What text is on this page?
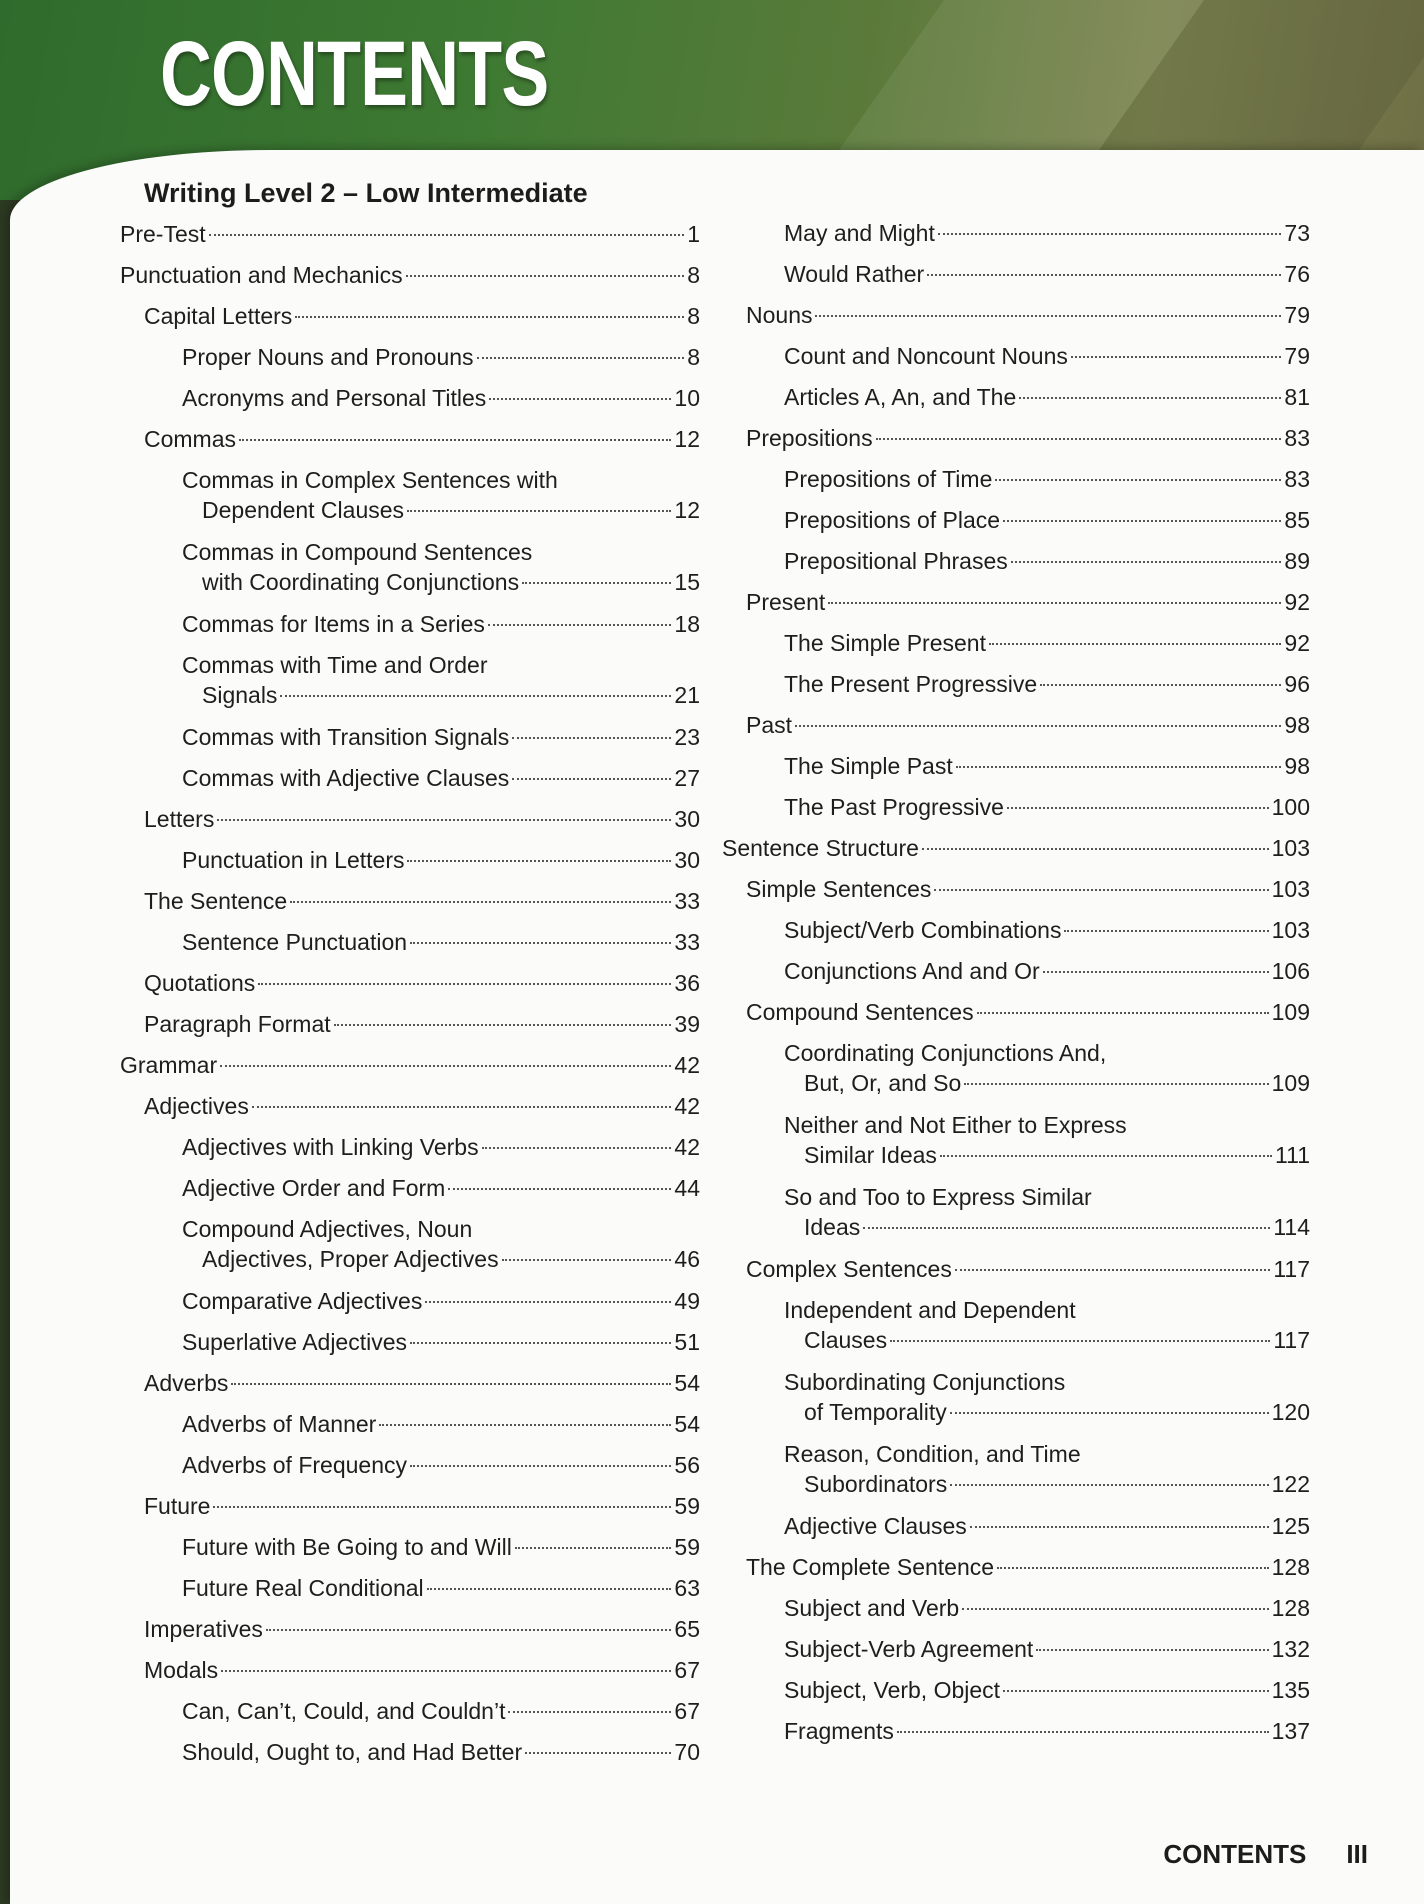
CONTENTS
Writing Level 2 – Low Intermediate
Pre-Test	1
Punctuation and Mechanics	8
Capital Letters	8
Proper Nouns and Pronouns	8
Acronyms and Personal Titles	10
Commas	12
Commas in Complex Sentences with
Dependent Clauses	12
Commas in Compound Sentences
with Coordinating Conjunctions	15
Commas for Items in a Series	18
Commas with Time and Order
Signals	21
Commas with Transition Signals	23
Commas with Adjective Clauses	27
Letters	30
Punctuation in Letters	30
The Sentence	33
Sentence Punctuation	33
Quotations	36
Paragraph Format	39
Grammar	42
Adjectives	42
Adjectives with Linking Verbs	42
Adjective Order and Form	44
Compound Adjectives, Noun
Adjectives, Proper Adjectives	46
Comparative Adjectives	49
Superlative Adjectives	51
Adverbs	54
Adverbs of Manner	54
Adverbs of Frequency	56
Future	59
Future with Be Going to and Will	59
Future Real Conditional	63
Imperatives	65
Modals	67
Can, Can’t, Could, and Couldn’t	67
Should, Ought to, and Had Better	70
May and Might	73
Would Rather	76
Nouns	79
Count and Noncount Nouns	79
Articles A, An, and The	81
Prepositions	83
Prepositions of Time	83
Prepositions of Place	85
Prepositional Phrases	89
Present	92
The Simple Present	92
The Present Progressive	96
Past	98
The Simple Past	98
The Past Progressive	100
Sentence Structure	103
Simple Sentences	103
Subject/Verb Combinations	103
Conjunctions And and Or	106
Compound Sentences	109
Coordinating Conjunctions And,
But, Or, and So	109
Neither and Not Either to Express
Similar Ideas	111
So and Too to Express Similar
Ideas	114
Complex Sentences	117
Independent and Dependent
Clauses	117
Subordinating Conjunctions
of Temporality	120
Reason, Condition, and Time
Subordinators	122
Adjective Clauses	125
The Complete Sentence	128
Subject and Verb	128
Subject-Verb Agreement	132
Subject, Verb, Object	135
Fragments	137
CONTENTS III
